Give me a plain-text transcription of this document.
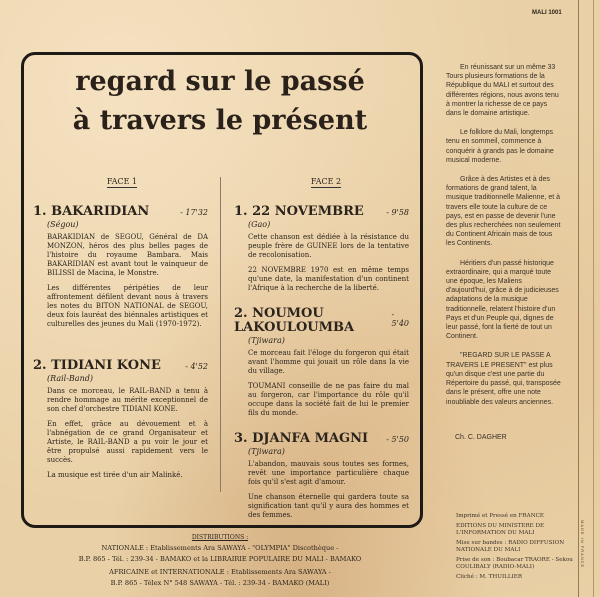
MADE IN FRANCE
MALI 1001
regard sur le passé
à travers le présent
FACE 1	FACE 2
1. BAKARIDIAN	- 17'32
(Ségou)

BARAKIDIAN de SEGOU, Général de DA MONZON, héros des plus belles pages de l'histoire du royaume Bambara. Mais BAKARIDIAN est avant tout le vainqueur de BILISSI de Macina, le Monstre.

Les différentes péripéties de leur affrontement défilent devant nous à travers les notes du BITON NATIONAL de SEGOU, deux fois lauréat des biénnales artistiques et culturelles des jeunes du Mali (1970-1972).

2. TIDIANI KONE	- 4'52
(Rail-Band)

Dans ce morceau, le RAIL-BAND a tenu à rendre hommage au mérite exceptionnel de son chef d'orchestre TIDIANI KONE.

En effet, grâce au dévouement et à l'abnégation de ce grand Organisateur et Artiste, le RAIL-BAND a pu voir le jour et être propulsé aussi rapidement vers le succès.

La musique est tirée d'un air Malinké.

1. 22 NOVEMBRE	- 9'58
(Gao)

Cette chanson est dédiée à la résistance du peuple frère de GUINEE lors de la tentative de recolonisation.

22 NOVEMBRE 1970 est en même temps qu'une date, la manifestation d'un continent l'Afrique à la recherche de la liberté.

2. NOUMOU LAKOULOUMBA
- 5'40
(Tjiwara)

Ce morceau fait l'éloge du forgeron qui était avant l'homme qui jouait un rôle dans la vie du village.

TOUMANI conseille de ne pas faire du mal au forgeron, car l'importance du rôle qu'il occupe dans la société fait de lui le premier fils du monde.

3. DJANFA MAGNI - 5'50
(Tjiwara)

L'abandon, mauvais sous toutes ses formes, revêt une importance particulière chaque fois qu'il s'est agit d'amour.

Une chanson éternelle qui gardera toute sa signification tant qu'il y aura des hommes et des femmes.

DISTRIBUTIONS :

NATIONALE : Etablissements Ara SAWAYA - "OLYMPIA" Discothèque -

B.P. 865 - Tél. : 239-34 - BAMAKO et la LIBRAIRIE POPULAIRE DU MALI - BAMAKO

AFRICAINE et INTERNATIONALE : Etablissements Ara SAWAYA -

B.P. 865 - Télex N° 548 SAWAYA - Tél. : 239-34 - BAMAKO (MALI)

En réunissant sur un même 33 Tours plusieurs formations de la République du MALI et surtout des différentes régions, nous avons tenu à montrer la richesse de ce pays dans le domaine artistique.

Le folklore du Mali, longtemps tenu en sommeil, commence à conquérir à grands pas le domaine musical moderne.

Grâce à des Artistes et à des formations de grand talent, la musique traditionnelle Malienne, et à travers elle toute la culture de ce pays, est en passe de devenir l'une des plus recherchées non seulement du Continent Africain mais de tous les Continents.

Héritiers d'un passé historique extraordinaire, qui a marqué toute une époque, les Maliens d'aujourd'hui, grâce à de judicieuses adaptations de la musique traditionnelle, relatent l'histoire d'un Pays et d'un Peuple qui, dignes de leur passé, font la fierté de tout un Continent.

"REGARD SUR LE PASSE A TRAVERS LE PRESENT" est plus qu'un disque c'est une partie du Répertoire du passé, qui, transposée dans le présent, offre une note inoubliable des valeurs anciennes.

Ch. C. DAGHER

Imprimé et Pressé en FRANCE

EDITIONS DU MINISTERE DE L'INFORMATION DU MALI

Mise sur bandes : RADIO DIFFUSION NATIONALE DU MALI

Prise de son : Boubacar TRAORE - Sekou COULIBALY (RADIO-MALI)

Cliché : M. THUILLIER
